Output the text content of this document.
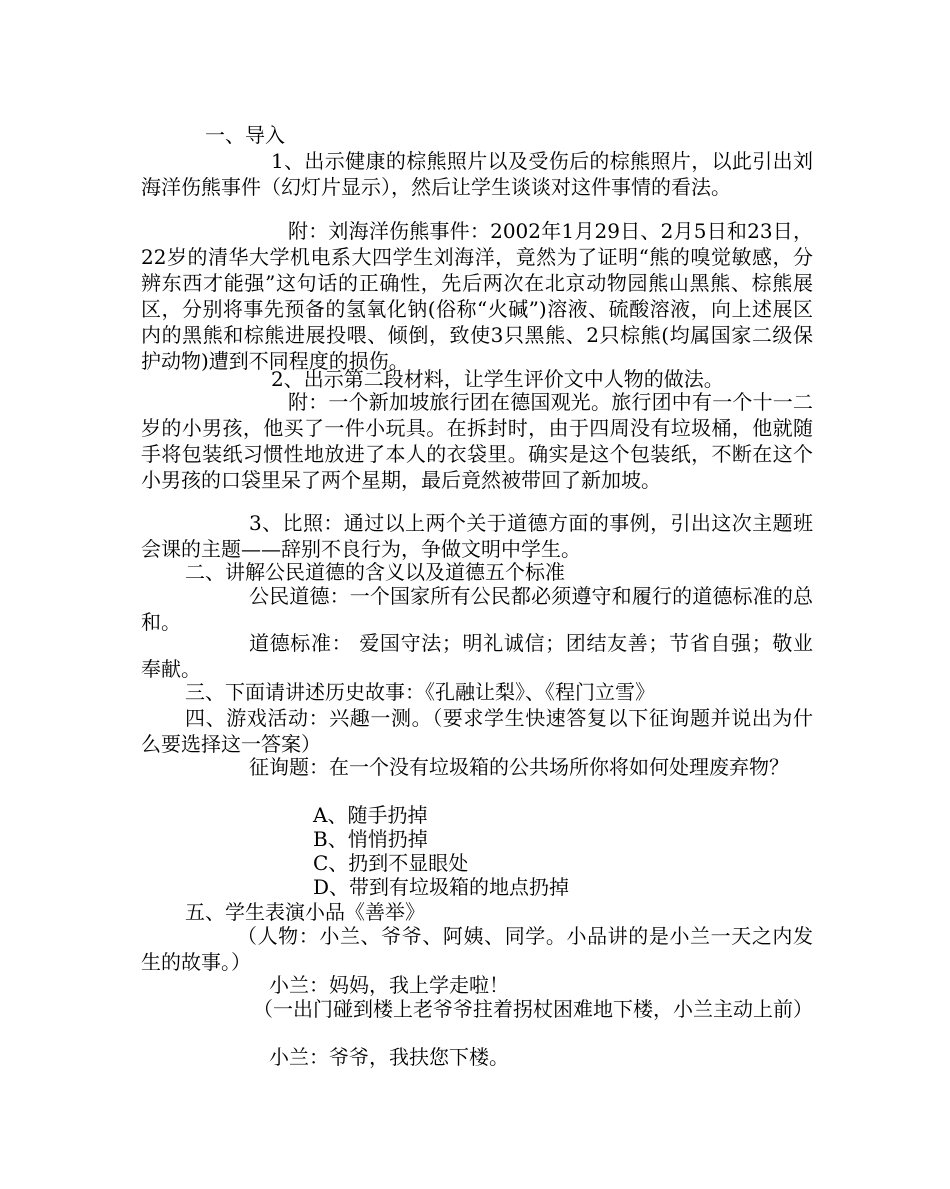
一、导入

1、出示健康的棕熊照片以及受伤后的棕熊照片，以此引出刘海洋伤熊事件（幻灯片显示），然后让学生谈谈对这件事情的看法。

附：刘海洋伤熊事件：2002年1月29日、2月5日和23日，22岁的清华大学机电系大四学生刘海洋，竟然为了证明“熊的嗅觉敏感，分辨东西才能强”这句话的正确性，先后两次在北京动物园熊山黑熊、棕熊展区，分别将事先预备的氢氧化钠(俗称“火碱”)溶液、硫酸溶液，向上述展区内的黑熊和棕熊进展投喂、倾倒，致使3只黑熊、2只棕熊(均属国家二级保护动物)遭到不同程度的损伤。

2、出示第二段材料，让学生评价文中人物的做法。

附：一个新加坡旅行团在德国观光。旅行团中有一个十一二岁的小男孩，他买了一件小玩具。在拆封时，由于四周没有垃圾桶，他就随手将包装纸习惯性地放进了本人的衣袋里。确实是这个包装纸，不断在这个小男孩的口袋里呆了两个星期，最后竟然被带回了新加坡。

3、比照：通过以上两个关于道德方面的事例，引出这次主题班会课的主题——辞别不良行为，争做文明中学生。

二、讲解公民道德的含义以及道德五个标准

公民道德：一个国家所有公民都必须遵守和履行的道德标准的总和。

道德标准： 爱国守法；明礼诚信；团结友善；节省自强；敬业奉献。

三、下面请讲述历史故事：《孔融让梨》、《程门立雪》

四、游戏活动：兴趣一测。（要求学生快速答复以下征询题并说出为什么要选择这一答案）

征询题：在一个没有垃圾箱的公共场所你将如何处理废弃物？

A、随手扔掉

B、悄悄扔掉

C、扔到不显眼处

D、带到有垃圾箱的地点扔掉

五、学生表演小品《善举》

（人物：小兰、爷爷、阿姨、同学。小品讲的是小兰一天之内发生的故事。）

小兰：妈妈，我上学走啦！

（一出门碰到楼上老爷爷拄着拐杖困难地下楼，小兰主动上前）

小兰：爷爷，我扶您下楼。
